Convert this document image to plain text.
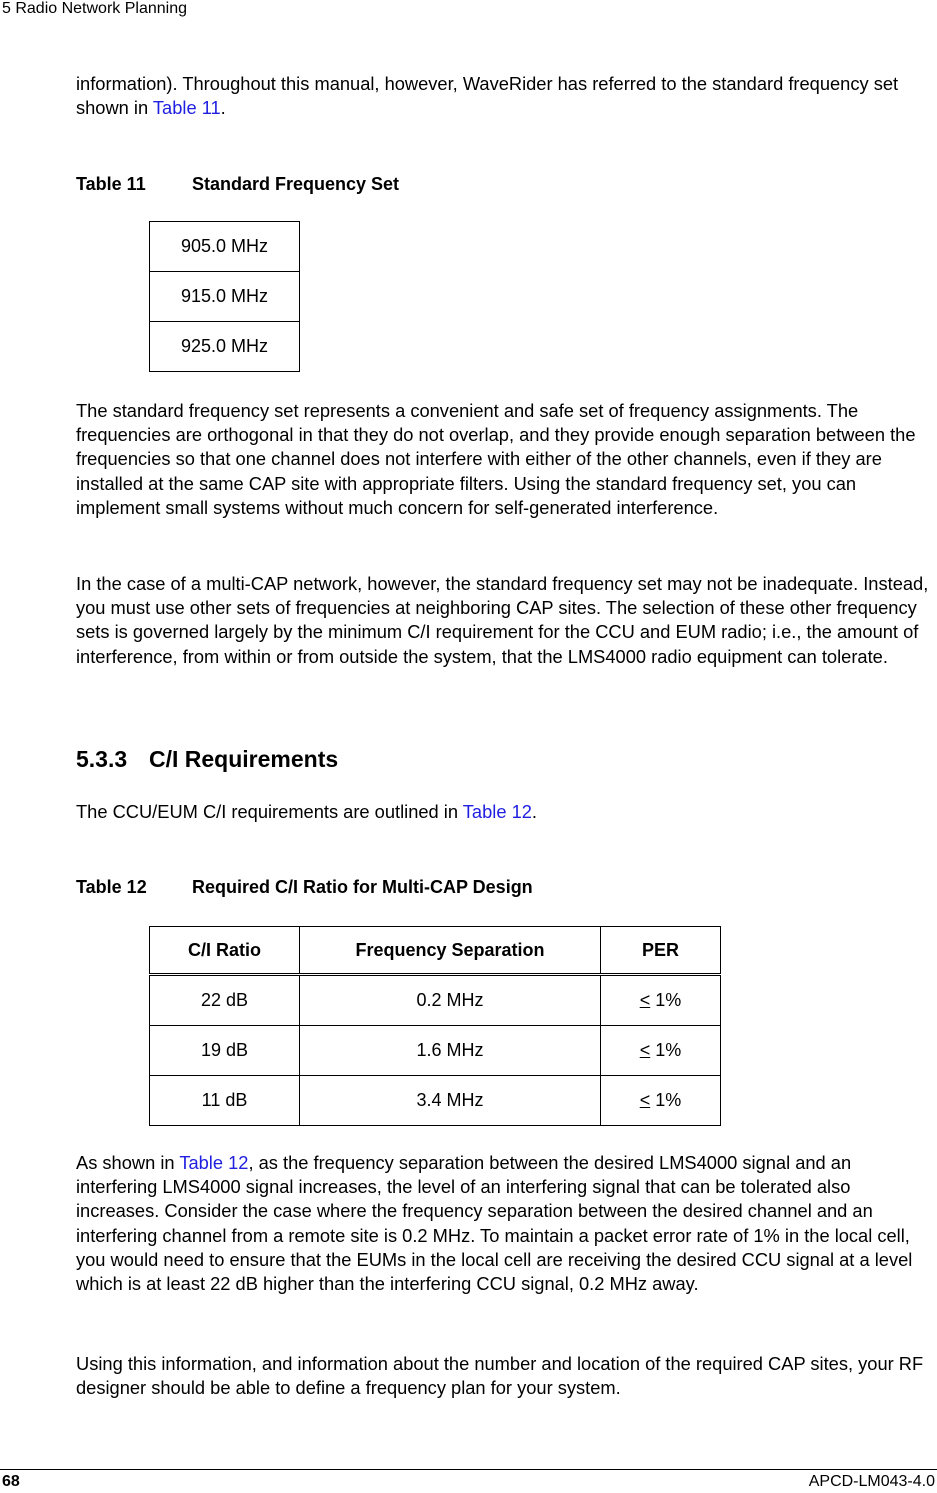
5 Radio Network Planning

information). Throughout this manual, however, WaveRider has referred to the standard frequency set shown in Table 11.

Table 11	Standard Frequency Set
905.0 MHz
915.0 MHz
925.0 MHz

The standard frequency set represents a convenient and safe set of frequency assignments. The frequencies are orthogonal in that they do not overlap, and they provide enough separation between the frequencies so that one channel does not interfere with either of the other channels, even if they are installed at the same CAP site with appropriate filters. Using the standard frequency set, you can implement small systems without much concern for self-generated interference.

In the case of a multi-CAP network, however, the standard frequency set may not be inadequate. Instead, you must use other sets of frequencies at neighboring CAP sites. The selection of these other frequency sets is governed largely by the minimum C/I requirement for the CCU and EUM radio; i.e., the amount of interference, from within or from outside the system, that the LMS4000 radio equipment can tolerate.

5.3.3 C/I Requirements

The CCU/EUM C/I requirements are outlined in Table 12.

Table 12	Required C/I Ratio for Multi-CAP Design
C/I Ratio	Frequency Separation	PER
22 dB	0.2 MHz	< 1%
19 dB	1.6 MHz	< 1%
11 dB	3.4 MHz	< 1%

As shown in Table 12, as the frequency separation between the desired LMS4000 signal and an interfering LMS4000 signal increases, the level of an interfering signal that can be tolerated also increases. Consider the case where the frequency separation between the desired channel and an interfering channel from a remote site is 0.2 MHz. To maintain a packet error rate of 1% in the local cell, you would need to ensure that the EUMs in the local cell are receiving the desired CCU signal at a level which is at least 22 dB higher than the interfering CCU signal, 0.2 MHz away.

Using this information, and information about the number and location of the required CAP sites, your RF designer should be able to define a frequency plan for your system.

68	APCD-LM043-4.0
